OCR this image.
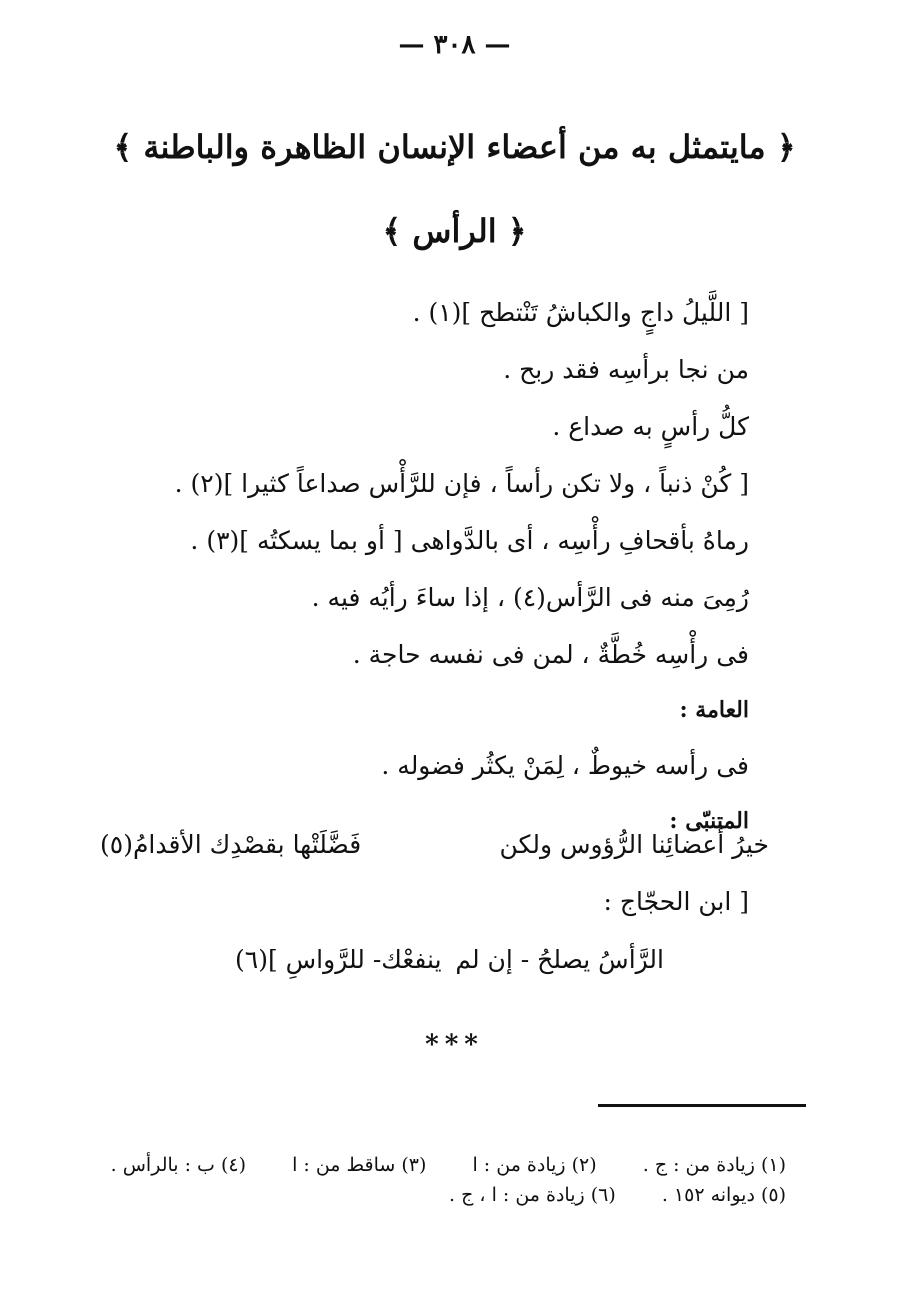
— ٣٠٨ —
﴿ مايتمثل به من أعضاء الإنسان الظاهرة والباطنة ﴾
﴿ الرأس ﴾
[ اللَّيلُ داجٍ والكباشُ تَنْتطح ](١) .
من نجا برأسِه فقد ربح .
كلُّ رأسٍ به صداع .
[ كُنْ ذنباً ، ولا تكن رأساً ، فإن للرَّأْس صداعاً كثيرا ](٢) .
رماهُ بأقحافِ رأْسِه ، أى بالدَّواهى [ أو بما يسكتُه ](٣) .
رُمِىَ منه فى الرَّأس(٤) ، إذا ساءَ رأيُه فيه .
فى رأْسِه خُطَّةٌ ، لمن فى نفسه حاجة .
العامة :
فى رأسه خيوطٌ ، لِمَنْ يكثُر فضوله .
المتنبّى :
خيرُ أعضائِنا الرُّؤوس ولكن
فَضَّلَتْها بقصْدِك الأقدامُ(٥)
[ ابن الحجّاج :
الرَّأسُ يصلحُ - إن لم
ينفعْك- للرَّواسِ ](٦)
***
(١) زيادة من : ج . (٢) زيادة من : ا (٣) ساقط من : ا (٤) ب : بالرأس .
(٥) ديوانه ١٥٢ . (٦) زيادة من : ا ، ج .
